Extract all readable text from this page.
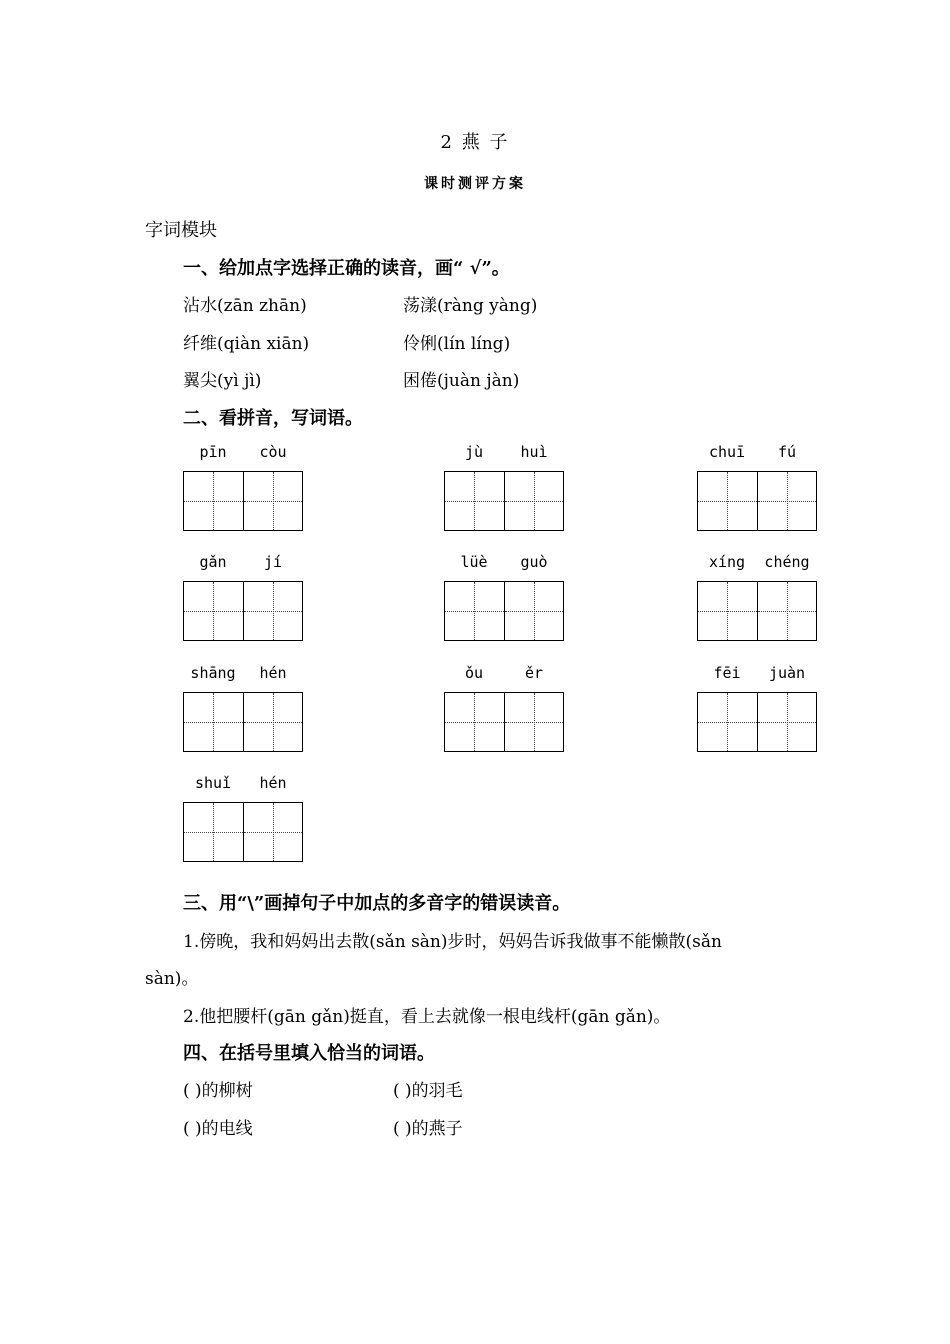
2 燕 子
课时测评方案
字词模块
一、给加点字选择正确的读音，画“ √”。
沾水(zān zhān)	荡漾(ràng yàng)
纤维(qiàn xiān)	伶俐(lín líng)
翼尖(yì jì)	困倦(juàn jàn)
二、看拼音，写词语。
pīn	còu	jù	huì	chuī	fú
gǎn	jí	lüè	guò	xíng	chéng
shāng	hén	ǒu	ěr	fēi	juàn
shuǐ	hén
三、用“\”画掉句子中加点的多音字的错误读音。
1.傍晚，我和妈妈出去散(sǎn sàn)步时，妈妈告诉我做事不能懒散(sǎn
sàn)。
2.他把腰杆(gān gǎn)挺直，看上去就像一根电线杆(gān gǎn)。
四、在括号里填入恰当的词语。
( )的柳树	( )的羽毛
( )的电线	( )的燕子
